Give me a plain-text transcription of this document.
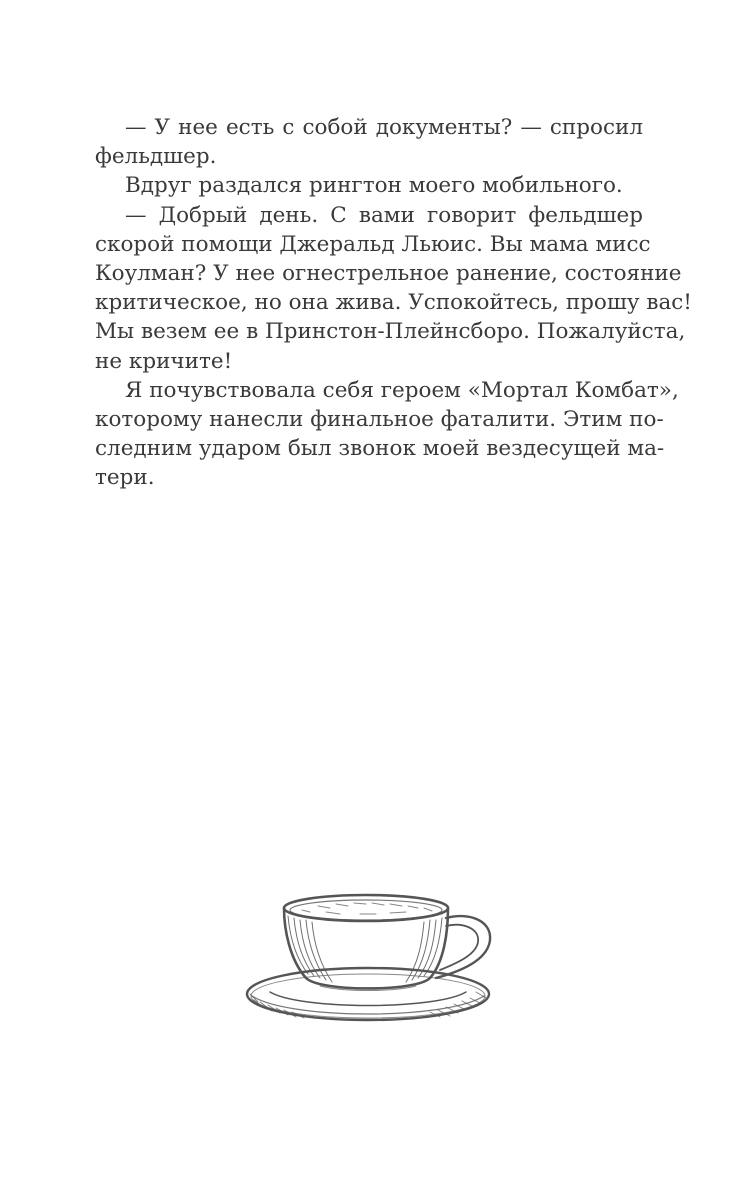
— У нее есть с собой документы? — спросил
фельдшер.
Вдруг раздался рингтон моего мобильного.
— Добрый день. С вами говорит фельдшер
скорой помощи Джеральд Льюис. Вы мама мисс
Коулман? У нее огнестрельное ранение, состояние
критическое, но она жива. Успокойтесь, прошу вас!
Мы везем ее в Принстон-Плейнсборо. Пожалуйста,
не кричите!
Я почувствовала себя героем «Мортал Комбат»,
которому нанесли финальное фаталити. Этим по-
следним ударом был звонок моей вездесущей ма-
тери.
